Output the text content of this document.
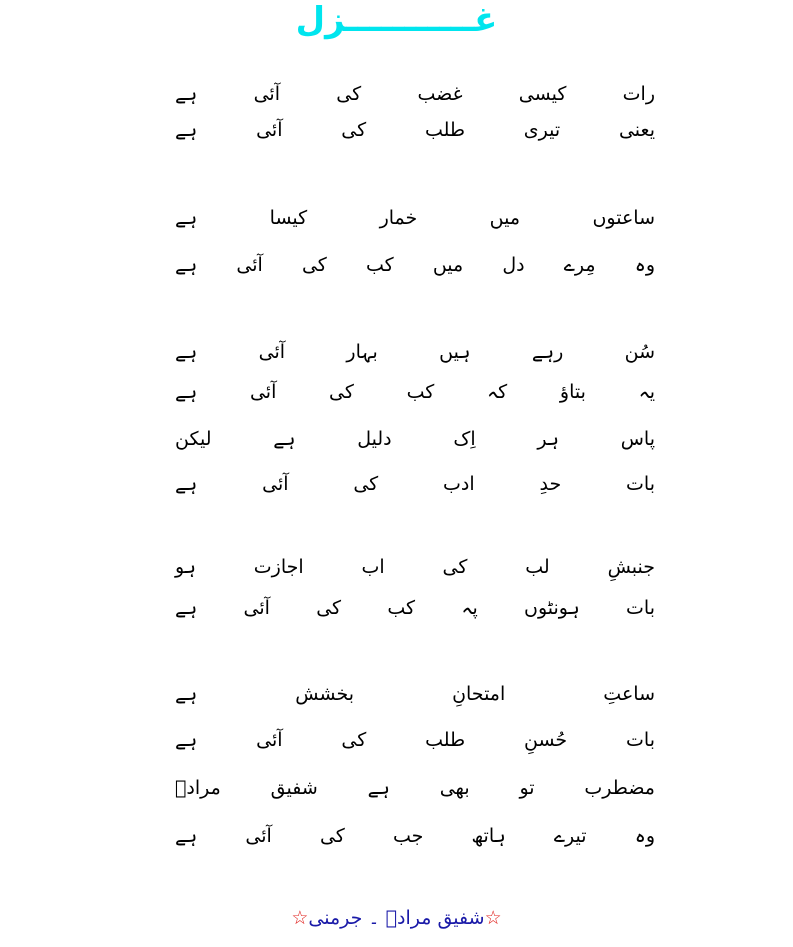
غـــــــــــزل
رات
کیسی
غضب
کی
آئی
ہے
یعنی
تیری
طلب
کی
آئی
ہے
ساعتوں
میں
خمار
کیسا
ہے
وہ
مِرے
دل
میں
کب
کی
آئی
ہے
سُن
رہے
ہیں
بہار
آئی
ہے
یہ
بتاؤ
کہ
کب
کی
آئی
ہے
پاس
ہر
اِک
دلیل
ہے
لیکن
بات
حدِ
ادب
کی
آئی
ہے
جنبشِ
لب
کی
اب
اجازت
ہو
بات
ہونٹوں
پہ
کب
کی
آئی
ہے
ساعتِ
امتحانِ
بخشش
ہے
بات
حُسنِ
طلب
کی
آئی
ہے
مضطرب
تو
بھی
ہے
شفیق
مرادؔ
وہ
تیرے
ہاتھ
جب
کی
آئی
ہے
☆شفیق مرادؔ ۔ جرمنی☆
